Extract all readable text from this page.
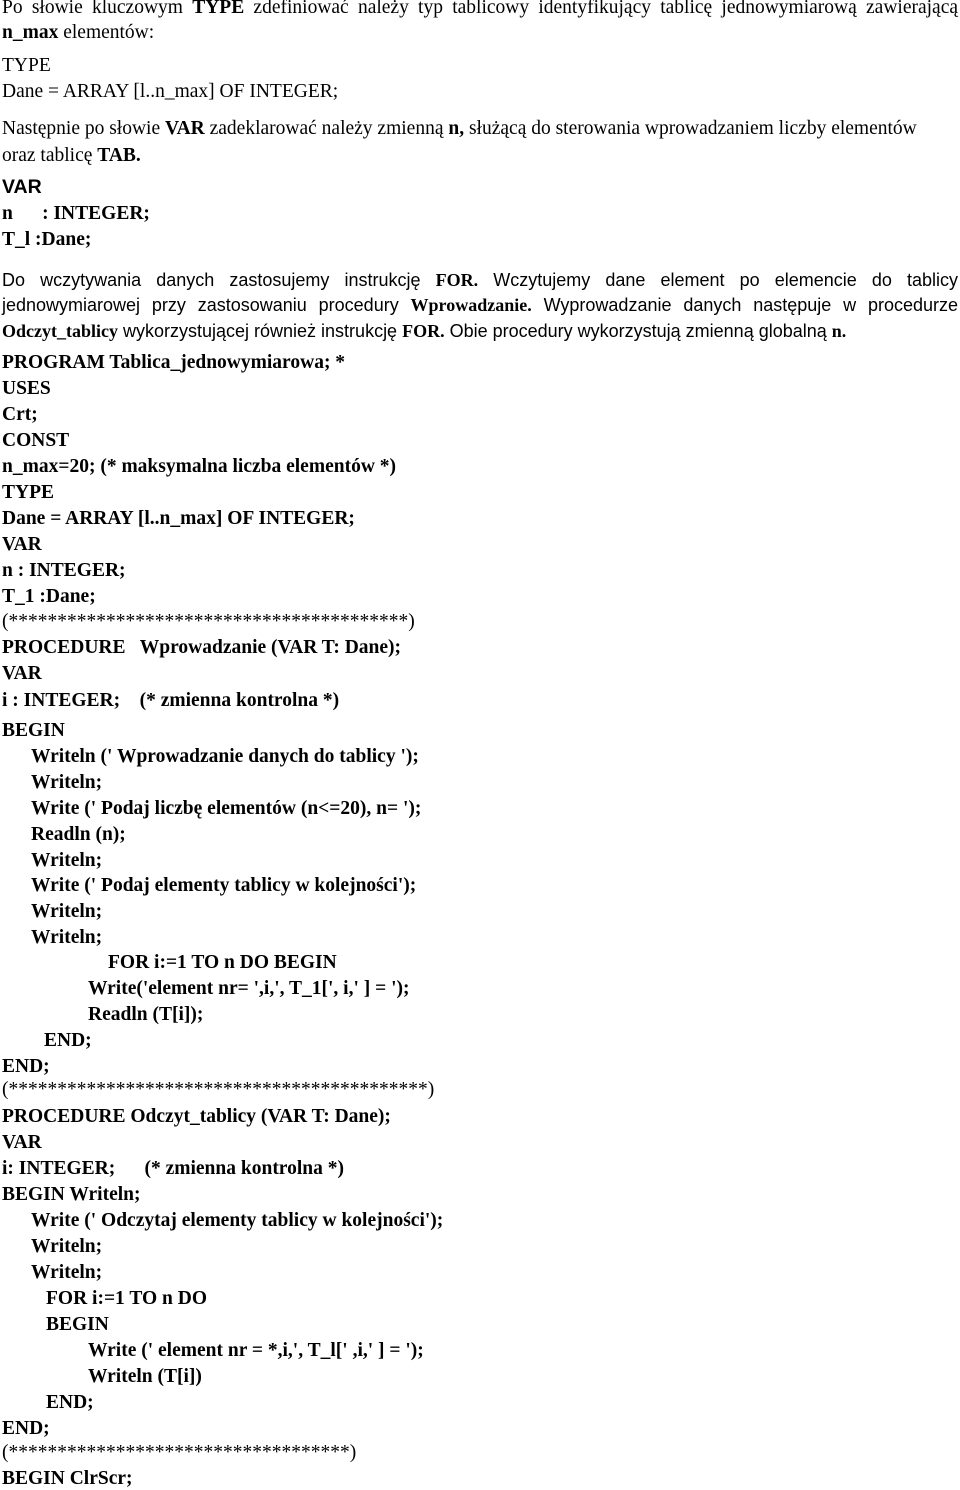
Po słowie kluczowym TYPE zdefiniować należy typ tablicowy identyfikujący tablicę jednowymiarową zawierającą
n_max elementów:
TYPE
Dane = ARRAY [l..n_max] OF INTEGER;
Następnie po słowie VAR zadeklarować należy zmienną n, służącą do sterowania wprowadzaniem liczby elementów
oraz tablicę TAB.
VAR
n      : INTEGER;
T_l :Dane;
Do wczytywania danych zastosujemy instrukcję FOR. Wczytujemy dane element po elemencie do tablicy
jednowymiarowej przy zastosowaniu procedury Wprowadzanie. Wyprowadzanie danych następuje w procedurze
Odczyt_tablicy wykorzystującej również instrukcję FOR. Obie procedury wykorzystują zmienną globalną n.
PROGRAM Tablica_jednowymiarowa; *
USES
Crt;
CONST
n_max=20; (* maksymalna liczba elementów *)
TYPE
Dane = ARRAY [l..n_max] OF INTEGER;
VAR
n : INTEGER;
T_1 :Dane;
(*****************************************)
PROCEDURE   Wprowadzanie (VAR T: Dane);
VAR
i : INTEGER;    (* zmienna kontrolna *)
BEGIN
Writeln (' Wprowadzanie danych do tablicy ');
Writeln;
Write (' Podaj liczbę elementów (n<=20), n= ');
Readln (n);
Writeln;
Write (' Podaj elementy tablicy w kolejności');
Writeln;
Writeln;
FOR i:=1 TO n DO BEGIN
Write('element nr= ',i,', T_1[', i,' ] = ');
Readln (T[i]);
END;
END;
(*******************************************)
PROCEDURE Odczyt_tablicy (VAR T: Dane);
VAR
i: INTEGER;      (* zmienna kontrolna *)
BEGIN Writeln;
Write (' Odczytaj elementy tablicy w kolejności');
Writeln;
Writeln;
FOR i:=1 TO n DO
BEGIN
Write (' element nr = *,i,', T_l[' ,i,' ] = ');
Writeln (T[i])
END;
END;
(***********************************)
BEGIN ClrScr;
